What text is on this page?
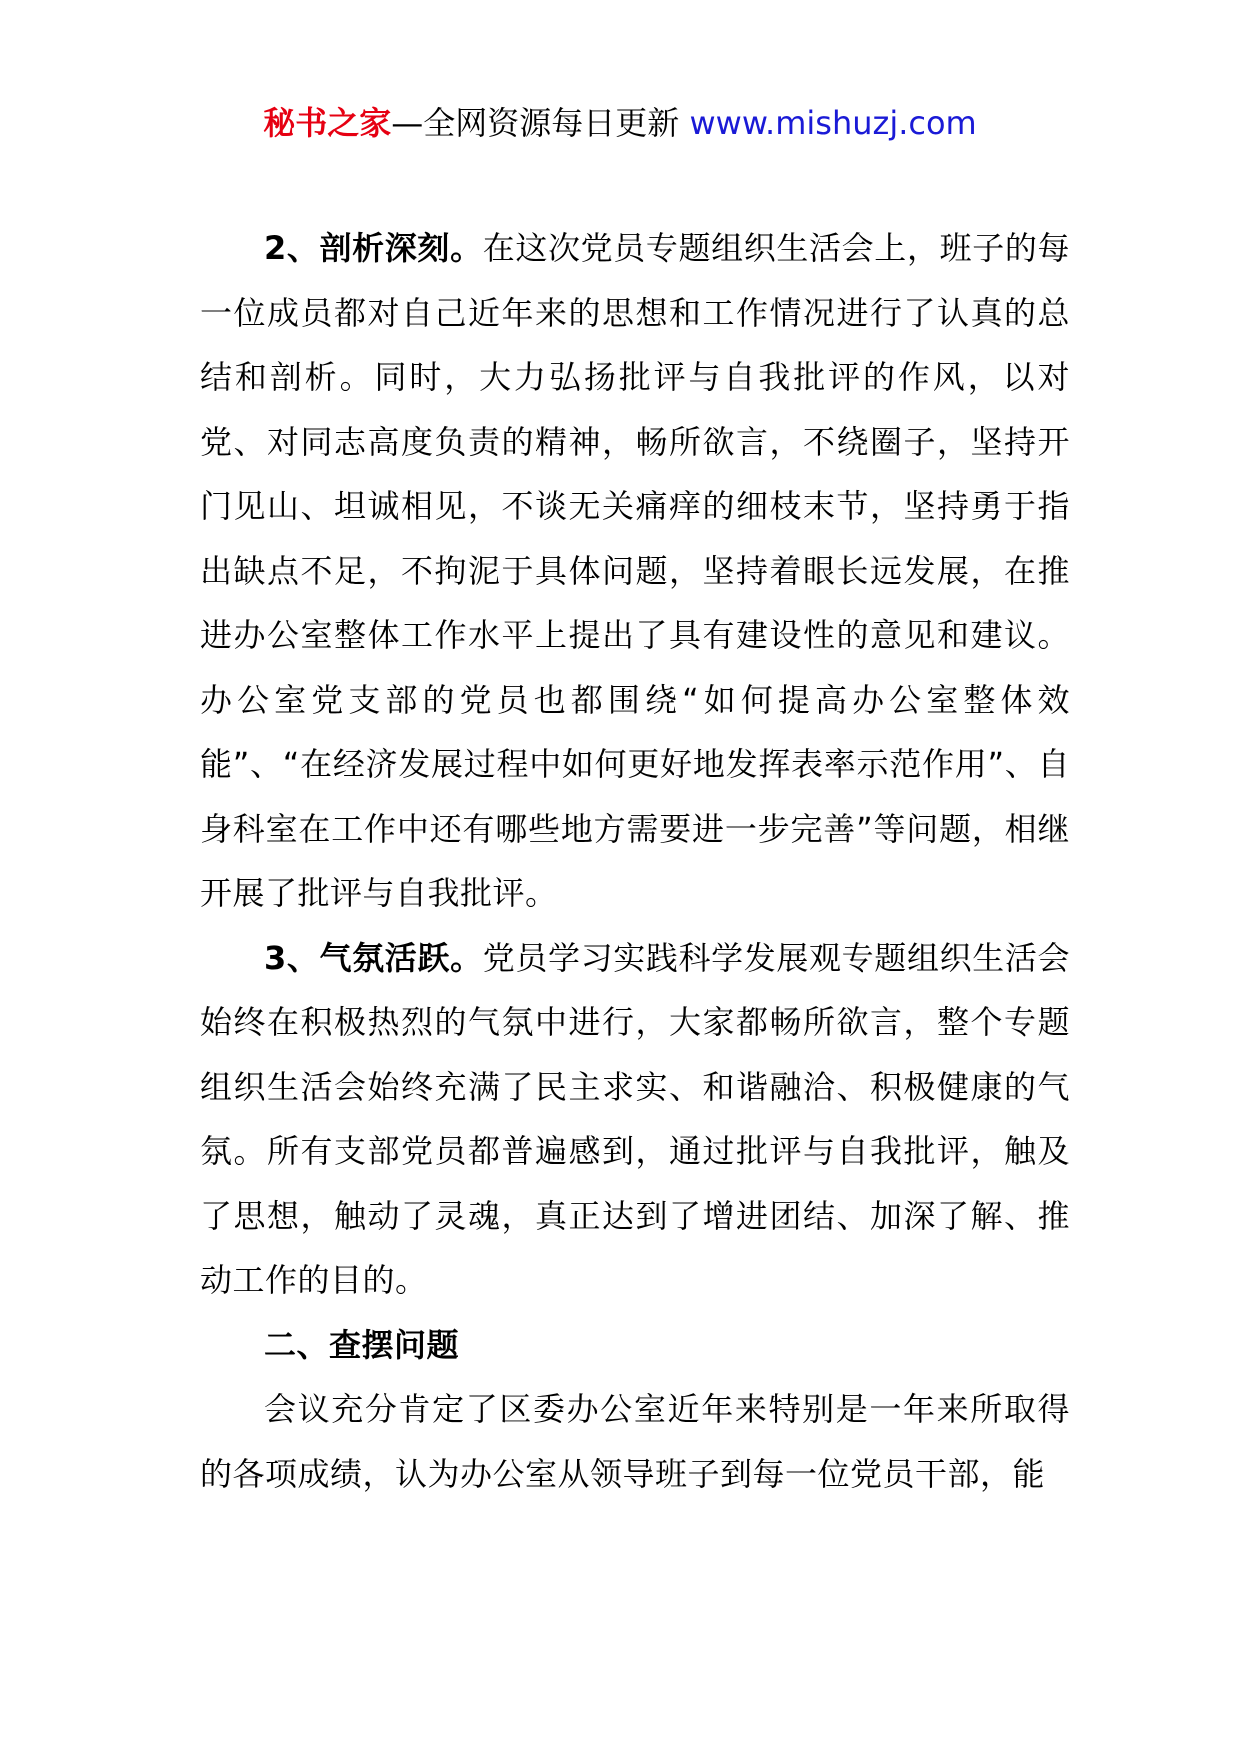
秘书之家—全网资源每日更新 www.mishuzj.com

2、剖析深刻。在这次党员专题组织生活会上，班子的每一位成员都对自己近年来的思想和工作情况进行了认真的总结和剖析。同时，大力弘扬批评与自我批评的作风，以对党、对同志高度负责的精神，畅所欲言，不绕圈子，坚持开门见山、坦诚相见，不谈无关痛痒的细枝末节，坚持勇于指出缺点不足，不拘泥于具体问题，坚持着眼长远发展，在推进办公室整体工作水平上提出了具有建设性的意见和建议。办公室党支部的党员也都围绕“如何提高办公室整体效能”、“在经济发展过程中如何更好地发挥表率示范作用”、自身科室在工作中还有哪些地方需要进一步完善”等问题，相继开展了批评与自我批评。

3、气氛活跃。党员学习实践科学发展观专题组织生活会始终在积极热烈的气氛中进行，大家都畅所欲言，整个专题组织生活会始终充满了民主求实、和谐融洽、积极健康的气氛。所有支部党员都普遍感到，通过批评与自我批评，触及了思想，触动了灵魂，真正达到了增进团结、加深了解、推动工作的目的。

二、查摆问题

会议充分肯定了区委办公室近年来特别是一年来所取得的各项成绩，认为办公室从领导班子到每一位党员干部，能
